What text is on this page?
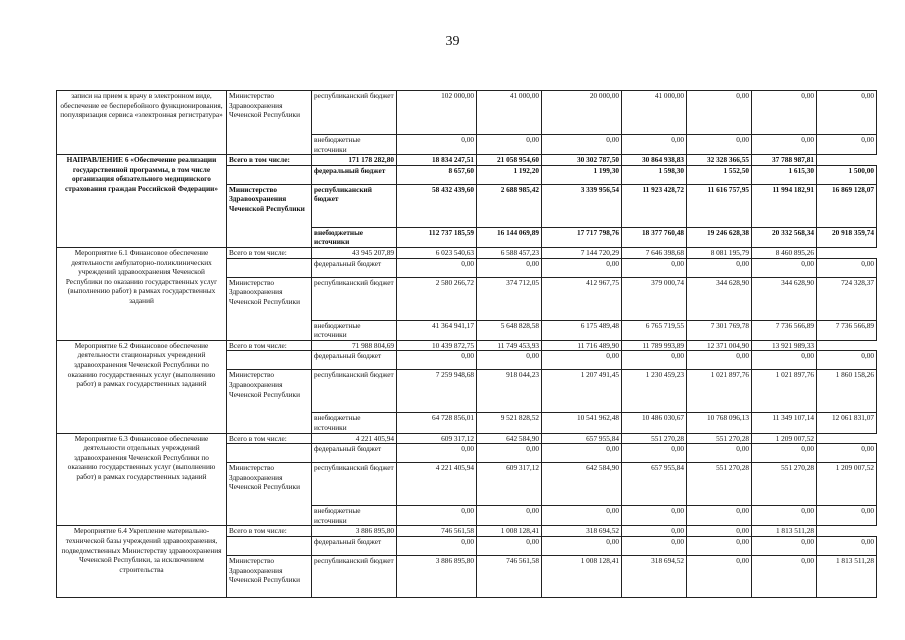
39
записи на прием к врачу в электронном виде, обеспечение ее бесперебойного функционирования, популяризация сервиса «электронная регистратура»	Министерство Здравоохранения Чеченской Республики	республиканский бюджет	102 000,00	41 000,00	20 000,00	41 000,00	0,00	0,00	0,00
		внебюджетные источники	0,00	0,00	0,00	0,00	0,00	0,00	0,00
НАПРАВЛЕНИЕ 6 «Обеспечение реализации государственной программы, в том числе организация обязательного медицинского страхования граждан Российской Федерации»	Всего в том числе:	171 178 282,80	18 834 247,51	21 058 954,60	30 302 787,50	30 864 938,83	32 328 366,55	37 788 987,81	
		федеральный бюджет	8 657,60	1 192,20	1 199,30	1 598,30	1 552,50	1 615,30	1 500,00
	Министерство Здравоохранения Чеченской Республики	республиканский бюджет	58 432 439,60	2 688 985,42	3 339 956,54	11 923 428,72	11 616 757,95	11 994 182,91	16 869 128,07
		внебюджетные источники	112 737 185,59	16 144 069,89	17 717 798,76	18 377 760,48	19 246 628,38	20 332 568,34	20 918 359,74
Мероприятие 6.1 Финансовое обеспечение деятельности амбулаторно-поликлинических учреждений здравоохранения Чеченской Республики по оказанию государственных услуг (выполнению работ) в рамках государственных заданий	Всего в том числе:	43 945 207,89	6 023 540,63	6 588 457,23	7 144 720,29	7 646 398,68	8 081 195,79	8 460 895,26	
		федеральный бюджет	0,00	0,00	0,00	0,00	0,00	0,00	0,00
	Министерство Здравоохранения Чеченской Республики	республиканский бюджет	2 580 266,72	374 712,05	412 967,75	379 000,74	344 628,90	344 628,90	724 328,37
		внебюджетные источники	41 364 941,17	5 648 828,58	6 175 489,48	6 765 719,55	7 301 769,78	7 736 566,89	7 736 566,89
Мероприятие 6.2 Финансовое обеспечение деятельности стационарных учреждений здравоохранения Чеченской Республики по оказанию государственных услуг (выполнению работ) в рамках государственных заданий	Всего в том числе:	71 988 804,69	10 439 872,75	11 749 453,93	11 716 489,90	11 789 993,89	12 371 004,90	13 921 989,33	
		федеральный бюджет	0,00	0,00	0,00	0,00	0,00	0,00	0,00
	Министерство Здравоохранения Чеченской Республики	республиканский бюджет	7 259 948,68	918 044,23	1 207 491,45	1 230 459,23	1 021 897,76	1 021 897,76	1 860 158,26
		внебюджетные источники	64 728 856,01	9 521 828,52	10 541 962,48	10 486 030,67	10 768 096,13	11 349 107,14	12 061 831,07
Мероприятие 6.3 Финансовое обеспечение деятельности отдельных учреждений здравоохранения Чеченской Республики по оказанию государственных услуг (выполнению работ) в рамках государственных заданий	Всего в том числе:	4 221 405,94	609 317,12	642 584,90	657 955,84	551 270,28	551 270,28	1 209 007,52	
		федеральный бюджет	0,00	0,00	0,00	0,00	0,00	0,00	0,00
	Министерство Здравоохранения Чеченской Республики	республиканский бюджет	4 221 405,94	609 317,12	642 584,90	657 955,84	551 270,28	551 270,28	1 209 007,52
		внебюджетные источники	0,00	0,00	0,00	0,00	0,00	0,00	0,00
Мероприятие 6.4 Укрепление материально-технической базы учреждений здравоохранения, подведомственных Министерству здравоохранения Чеченской Республики, за исключением строительства	Всего в том числе:	3 886 895,80	746 561,58	1 008 128,41	318 694,52	0,00	0,00	1 813 511,28	
		федеральный бюджет	0,00	0,00	0,00	0,00	0,00	0,00	0,00
	Министерство Здравоохранения Чеченской Республики	республиканский бюджет	3 886 895,80	746 561,58	1 008 128,41	318 694,52	0,00	0,00	1 813 511,28
